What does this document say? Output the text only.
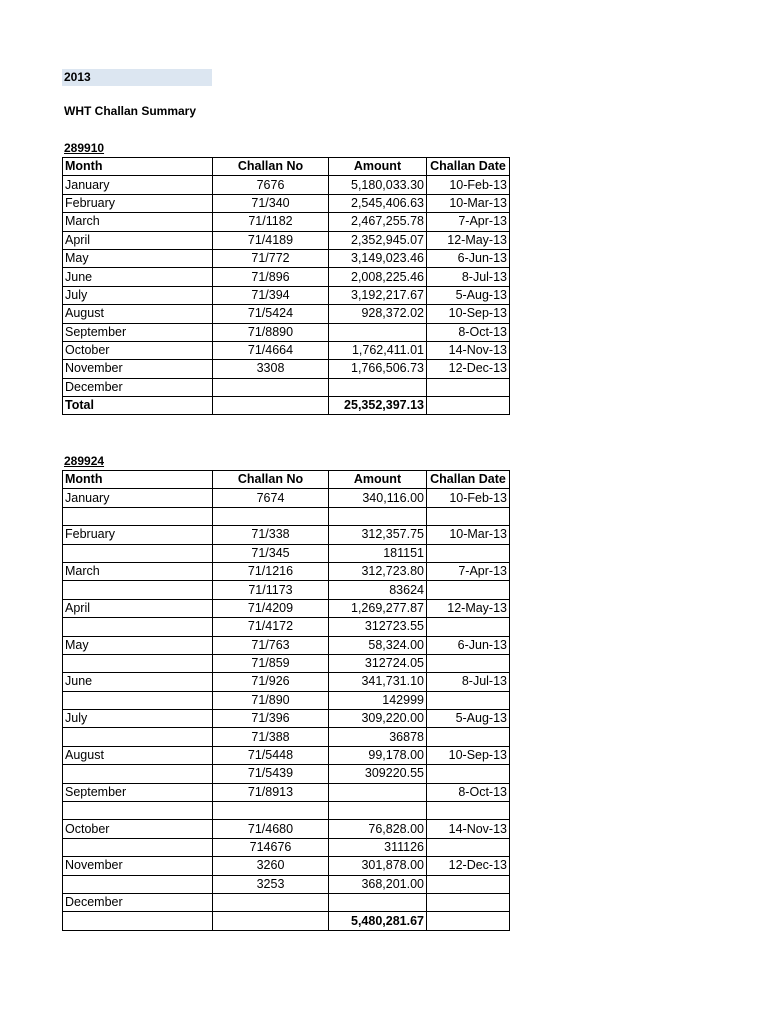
2013
WHT Challan Summary
289910
Month	Challan No	Amount	Challan Date
January	7676	5,180,033.30	10-Feb-13
February	71/340	2,545,406.63	10-Mar-13
March	71/1182	2,467,255.78	7-Apr-13
April	71/4189	2,352,945.07	12-May-13
May	71/772	3,149,023.46	6-Jun-13
June	71/896	2,008,225.46	8-Jul-13
July	71/394	3,192,217.67	5-Aug-13
August	71/5424	928,372.02	10-Sep-13
September	71/8890		8-Oct-13
October	71/4664	1,762,411.01	14-Nov-13
November	3308	1,766,506.73	12-Dec-13
December			
Total		25,352,397.13	
289924
Month	Challan No	Amount	Challan Date
January	7674	340,116.00	10-Feb-13

February	71/338	312,357.75	10-Mar-13
	71/345	181151	
March	71/1216	312,723.80	7-Apr-13
	71/1173	83624	
April	71/4209	1,269,277.87	12-May-13
	71/4172	312723.55	
May	71/763	58,324.00	6-Jun-13
	71/859	312724.05	
June	71/926	341,731.10	8-Jul-13
	71/890	142999	
July	71/396	309,220.00	5-Aug-13
	71/388	36878	
August	71/5448	99,178.00	10-Sep-13
	71/5439	309220.55	
September	71/8913		8-Oct-13

October	71/4680	76,828.00	14-Nov-13
	714676	311126	
November	3260	301,878.00	12-Dec-13
	3253	368,201.00	
December			
		5,480,281.67	
